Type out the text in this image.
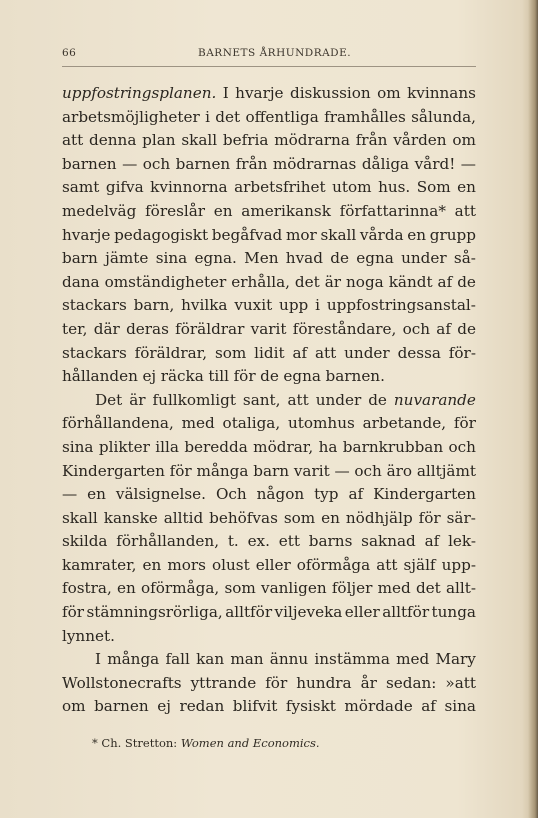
66	BARNETS ÅRHUNDRADE.
uppfostringsplanen. I hvarje diskussion om kvinnans
arbetsmöjligheter i det offentliga framhålles sålunda,
att denna plan skall befria mödrarna från vården om
barnen — och barnen från mödrarnas dåliga vård! —
samt gifva kvinnorna arbetsfrihet utom hus. Som en
medelväg föreslår en amerikansk författarinna* att
hvarje pedagogiskt begåfvad mor skall vårda en grupp
barn jämte sina egna. Men hvad de egna under så-
dana omständigheter erhålla, det är noga kändt af de
stackars barn, hvilka vuxit upp i uppfostringsanstal-
ter, där deras föräldrar varit föreståndare, och af de
stackars föräldrar, som lidit af att under dessa för-
hållanden ej räcka till för de egna barnen.
Det är fullkomligt sant, att under de nuvarande
förhållandena, med otaliga, utomhus arbetande, för
sina plikter illa beredda mödrar, ha barnkrubban och
Kindergarten för många barn varit — och äro alltjämt
— en välsignelse. Och någon typ af Kindergarten
skall kanske alltid behöfvas som en nödhjälp för sär-
skilda förhållanden, t. ex. ett barns saknad af lek-
kamrater, en mors olust eller oförmåga att själf upp-
fostra, en oförmåga, som vanligen följer med det allt-
för stämningsrörliga, alltför viljeveka eller alltför tunga
lynnet.
I många fall kan man ännu instämma med Mary
Wollstonecrafts yttrande för hundra år sedan: »att
om barnen ej redan blifvit fysiskt mördade af sina
* Ch. Stretton: Women and Economics.
